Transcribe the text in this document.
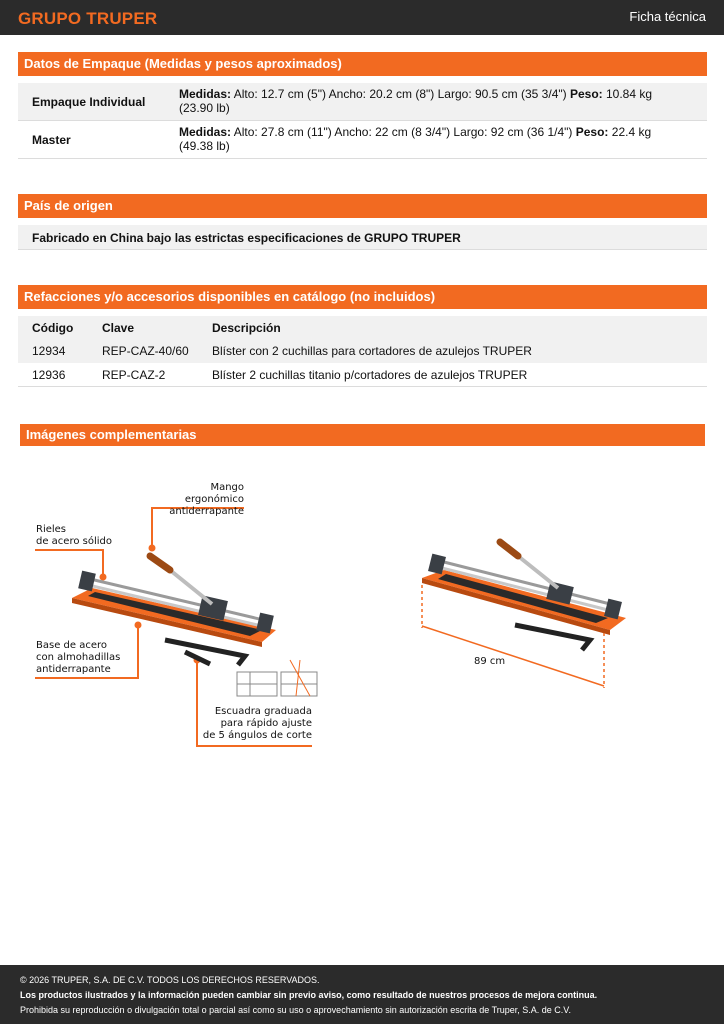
GRUPO TRUPER	Ficha técnica
Datos de Empaque (Medidas y pesos aproximados)
Empaque Individual
Medidas: Alto: 12.7 cm (5") Ancho: 20.2 cm (8") Largo: 90.5 cm (35 3/4") Peso: 10.84 kg
(23.90 lb)
Master
Medidas: Alto: 27.8 cm (11") Ancho: 22 cm (8 3/4") Largo: 92 cm (36 1/4") Peso: 22.4 kg
(49.38 lb)
País de origen
Fabricado en China bajo las estrictas especificaciones de GRUPO TRUPER
Refacciones y/o accesorios disponibles en catálogo (no incluidos)
Código Clave	Descripción
12934	REP-CAZ-40/60 Blíster con 2 cuchillas para cortadores de azulejos TRUPER
12936	REP-CAZ-2	Blíster 2 cuchillas titanio p/cortadores de azulejos TRUPER
Imágenes complementarias
Mango ergonómico
antiderrapante
Rieles
de acero sólido
Base de acero
con almohadillas
antiderrapante
Escuadra graduada
para rápido ajuste
de 5 ángulos de corte
89 cm
© 2026 TRUPER, S.A. DE C.V. TODOS LOS DERECHOS RESERVADOS.
Los productos ilustrados y la información pueden cambiar sin previo aviso, como resultado de nuestros procesos de mejora continua.
Prohibida su reproducción o divulgación total o parcial así como su uso o aprovechamiento sin autorización escrita de Truper, S.A. de C.V.
